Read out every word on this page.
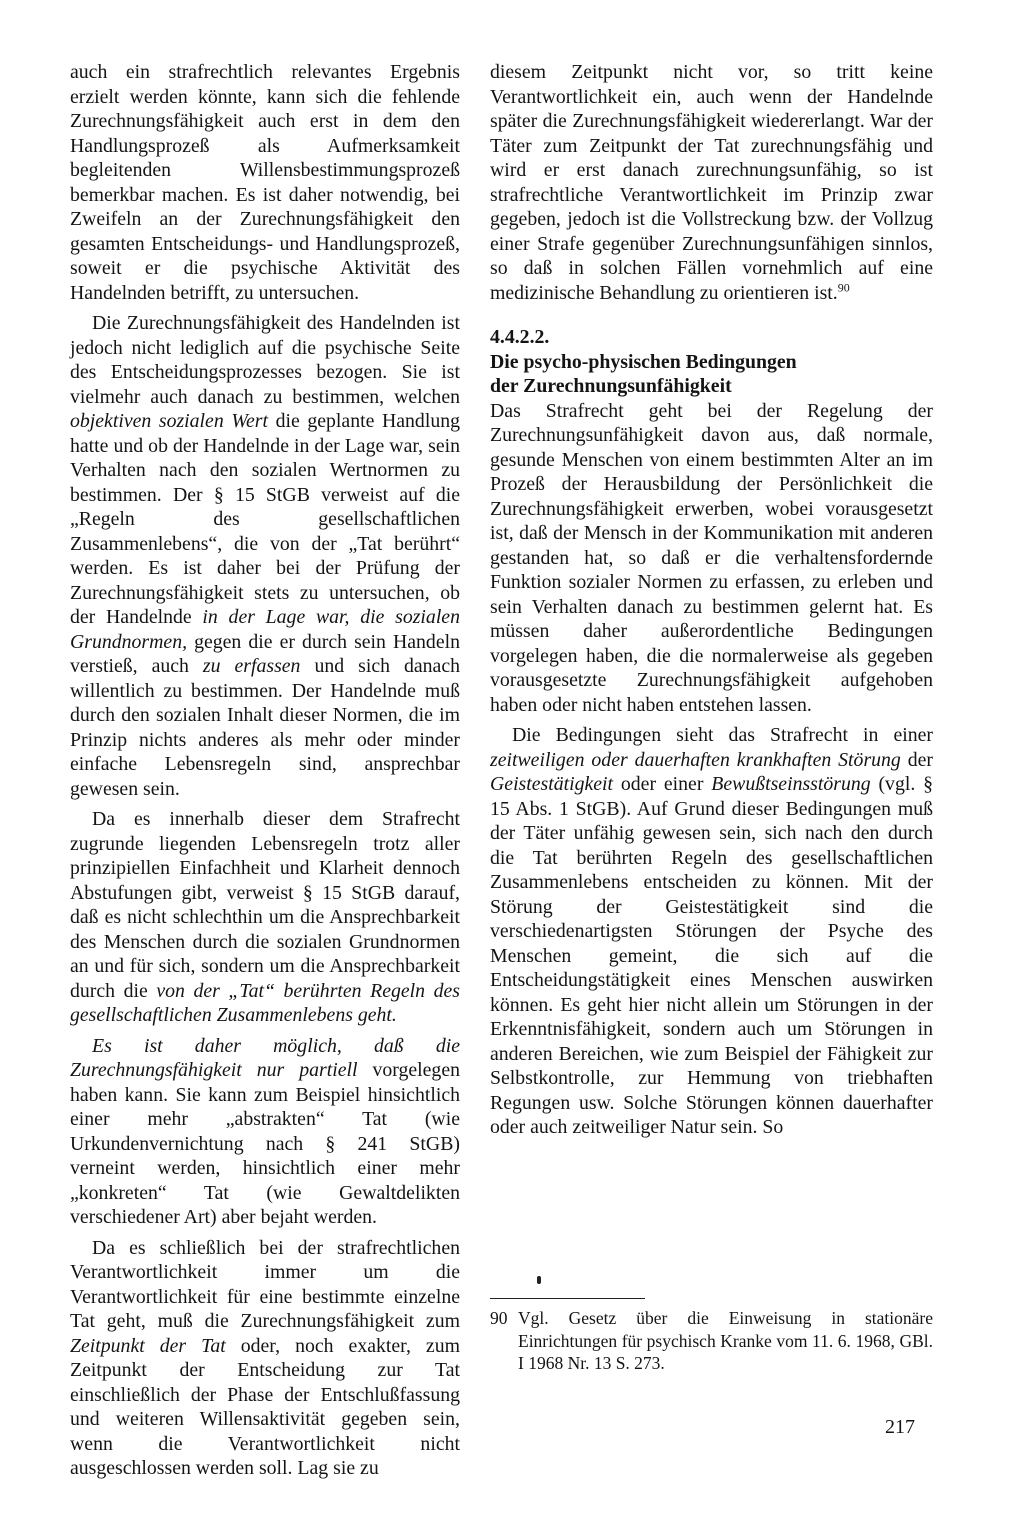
auch ein strafrechtlich relevantes Ergebnis erzielt werden könnte, kann sich die fehlende Zurechnungsfähigkeit auch erst in dem den Handlungsprozeß als Aufmerksamkeit begleitenden Willensbestimmungsprozeß bemerkbar machen. Es ist daher notwendig, bei Zweifeln an der Zurechnungsfähigkeit den gesamten Entscheidungs- und Handlungsprozeß, soweit er die psychische Aktivität des Handelnden betrifft, zu untersuchen.

Die Zurechnungsfähigkeit des Handelnden ist jedoch nicht lediglich auf die psychische Seite des Entscheidungsprozesses bezogen. Sie ist vielmehr auch danach zu bestimmen, welchen objektiven sozialen Wert die geplante Handlung hatte und ob der Handelnde in der Lage war, sein Verhalten nach den sozialen Wertnormen zu bestimmen. Der § 15 StGB verweist auf die „Regeln des gesellschaftlichen Zusammenlebens“, die von der „Tat berührt“ werden. Es ist daher bei der Prüfung der Zurechnungsfähigkeit stets zu untersuchen, ob der Handelnde in der Lage war, die sozialen Grundnormen, gegen die er durch sein Handeln verstieß, auch zu erfassen und sich danach willentlich zu bestimmen. Der Handelnde muß durch den sozialen Inhalt dieser Normen, die im Prinzip nichts anderes als mehr oder minder einfache Lebensregeln sind, ansprechbar gewesen sein.

Da es innerhalb dieser dem Strafrecht zugrunde liegenden Lebensregeln trotz aller prinzipiellen Einfachheit und Klarheit dennoch Abstufungen gibt, verweist § 15 StGB darauf, daß es nicht schlechthin um die Ansprechbarkeit des Menschen durch die sozialen Grundnormen an und für sich, sondern um die Ansprechbarkeit durch die von der „Tat“ berührten Regeln des gesellschaftlichen Zusammenlebens geht.

Es ist daher möglich, daß die Zurechnungsfähigkeit nur partiell vorgelegen haben kann. Sie kann zum Beispiel hinsichtlich einer mehr „abstrakten“ Tat (wie Urkundenvernichtung nach § 241 StGB) verneint werden, hinsichtlich einer mehr „konkreten“ Tat (wie Gewaltdelikten verschiedener Art) aber bejaht werden.

Da es schließlich bei der strafrechtlichen Verantwortlichkeit immer um die Verantwortlichkeit für eine bestimmte einzelne Tat geht, muß die Zurechnungsfähigkeit zum Zeitpunkt der Tat oder, noch exakter, zum Zeitpunkt der Entscheidung zur Tat einschließlich der Phase der Entschlußfassung und weiteren Willensaktivität gegeben sein, wenn die Verantwortlichkeit nicht ausgeschlossen werden soll. Lag sie zu

diesem Zeitpunkt nicht vor, so tritt keine Verantwortlichkeit ein, auch wenn der Handelnde später die Zurechnungsfähigkeit wiedererlangt. War der Täter zum Zeitpunkt der Tat zurechnungsfähig und wird er erst danach zurechnungsunfähig, so ist strafrechtliche Verantwortlichkeit im Prinzip zwar gegeben, jedoch ist die Vollstreckung bzw. der Vollzug einer Strafe gegenüber Zurechnungsunfähigen sinnlos, so daß in solchen Fällen vornehmlich auf eine medizinische Behandlung zu orientieren ist.$^{90}$

4.4.2.2.
Die psycho-physischen Bedingungen
der Zurechnungsunfähigkeit

Das Strafrecht geht bei der Regelung der Zurechnungsunfähigkeit davon aus, daß normale, gesunde Menschen von einem bestimmten Alter an im Prozeß der Herausbildung der Persönlichkeit die Zurechnungsfähigkeit erwerben, wobei vorausgesetzt ist, daß der Mensch in der Kommunikation mit anderen gestanden hat, so daß er die verhaltensfordernde Funktion sozialer Normen zu erfassen, zu erleben und sein Verhalten danach zu bestimmen gelernt hat. Es müssen daher außerordentliche Bedingungen vorgelegen haben, die die normalerweise als gegeben vorausgesetzte Zurechnungsfähigkeit aufgehoben haben oder nicht haben entstehen lassen.

Die Bedingungen sieht das Strafrecht in einer zeitweiligen oder dauerhaften krankhaften Störung der Geistestätigkeit oder einer Bewußtseinsstörung (vgl. § 15 Abs. 1 StGB). Auf Grund dieser Bedingungen muß der Täter unfähig gewesen sein, sich nach den durch die Tat berührten Regeln des gesellschaftlichen Zusammenlebens entscheiden zu können. Mit der Störung der Geistestätigkeit sind die verschiedenartigsten Störungen der Psyche des Menschen gemeint, die sich auf die Entscheidungstätigkeit eines Menschen auswirken können. Es geht hier nicht allein um Störungen in der Erkenntnisfähigkeit, sondern auch um Störungen in anderen Bereichen, wie zum Beispiel der Fähigkeit zur Selbstkontrolle, zur Hemmung von triebhaften Regungen usw. Solche Störungen können dauerhafter oder auch zeitweiliger Natur sein. So

90 Vgl. Gesetz über die Einweisung in stationäre Einrichtungen für psychisch Kranke vom 11. 6. 1968, GBl. I 1968 Nr. 13 S. 273.
217
